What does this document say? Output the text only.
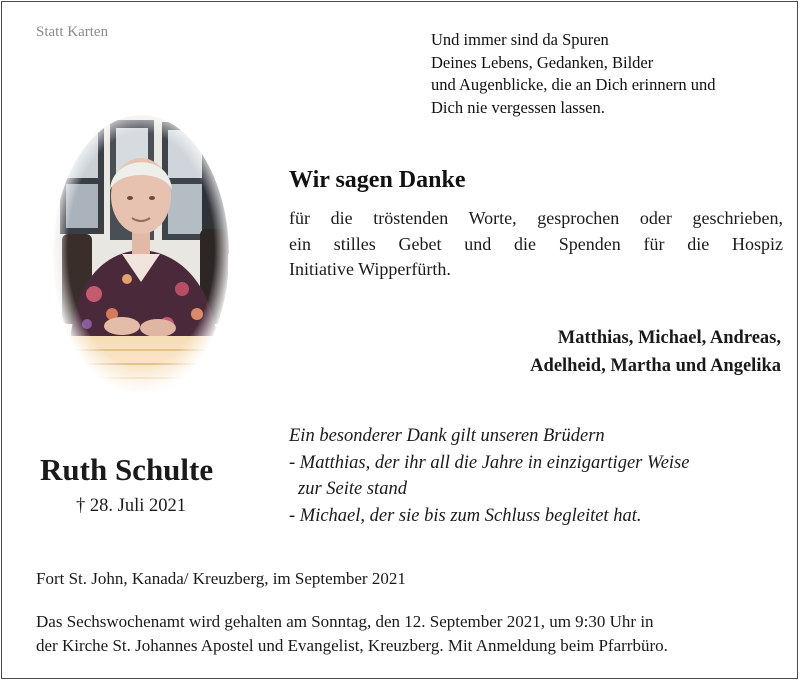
Statt Karten	Und immer sind da Spuren
Deines Lebens, Gedanken, Bilder
und Augenblicke, die an Dich erinnern und
Dich nie vergessen lassen.
Wir sagen Danke
für die tröstenden Worte, gesprochen oder geschrieben,
ein stilles Gebet und die Spenden für die Hospiz
Initiative Wipperfürth.
Matthias, Michael, Andreas,
Adelheid, Martha und Angelika
Ein besonderer Dank gilt unseren Brüdern
- Matthias, der ihr all die Jahre in einzigartiger Weise
zur Seite stand
- Michael, der sie bis zum Schluss begleitet hat.
Ruth Schulte
† 28. Juli 2021
Fort St. John, Kanada/ Kreuzberg, im September 2021
Das Sechswochenamt wird gehalten am Sonntag, den 12. September 2021, um 9:30 Uhr in
der Kirche St. Johannes Apostel und Evangelist, Kreuzberg. Mit Anmeldung beim Pfarrbüro.
